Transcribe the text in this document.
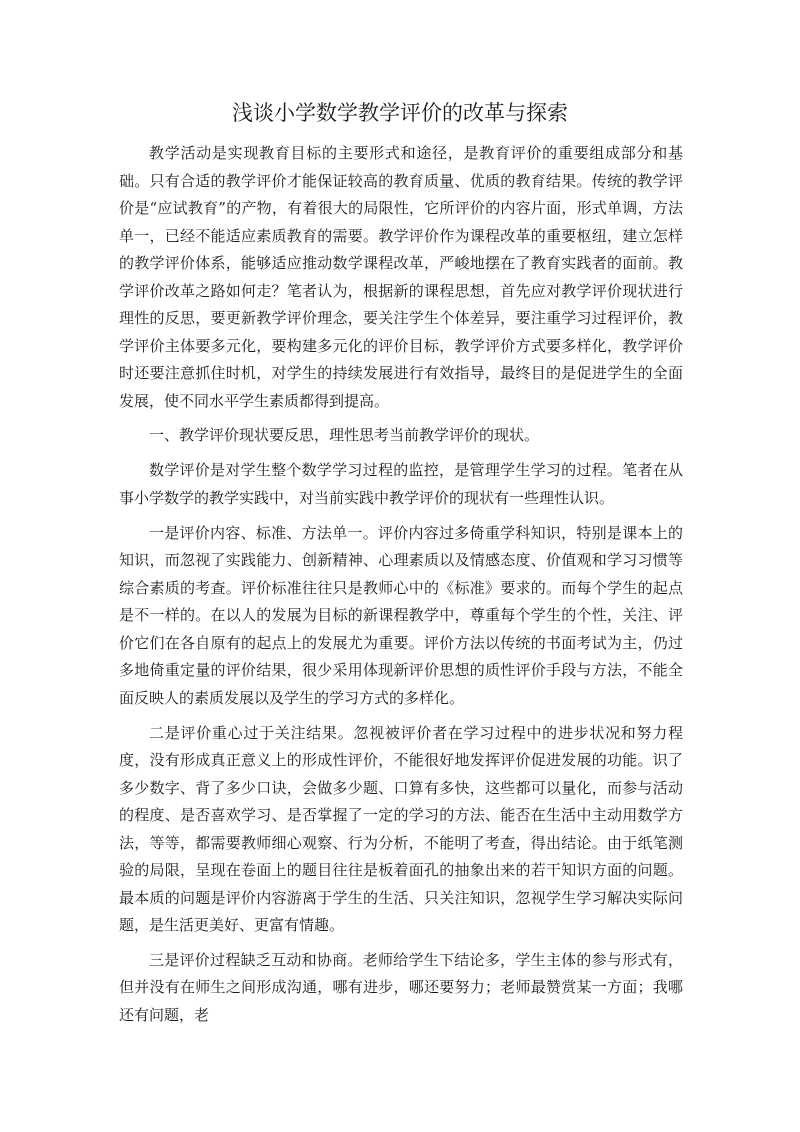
浅谈小学数学教学评价的改革与探索

教学活动是实现教育目标的主要形式和途径，是教育评价的重要组成部分和基础。只有合适的教学评价才能保证较高的教育质量、优质的教育结果。传统的教学评价是“应试教育”的产物，有着很大的局限性，它所评价的内容片面，形式单调，方法单一，已经不能适应素质教育的需要。教学评价作为课程改革的重要枢纽，建立怎样的教学评价体系，能够适应推动数学课程改革，严峻地摆在了教育实践者的面前。教学评价改革之路如何走？笔者认为，根据新的课程思想，首先应对教学评价现状进行理性的反思，要更新教学评价理念，要关注学生个体差异，要注重学习过程评价，教学评价主体要多元化，要构建多元化的评价目标，教学评价方式要多样化，教学评价时还要注意抓住时机，对学生的持续发展进行有效指导，最终目的是促进学生的全面发展，使不同水平学生素质都得到提高。

一、教学评价现状要反思，理性思考当前教学评价的现状。

数学评价是对学生整个数学学习过程的监控，是管理学生学习的过程。笔者在从事小学数学的教学实践中，对当前实践中教学评价的现状有一些理性认识。

一是评价内容、标准、方法单一。评价内容过多倚重学科知识，特别是课本上的知识，而忽视了实践能力、创新精神、心理素质以及情感态度、价值观和学习习惯等综合素质的考查。评价标准往往只是教师心中的《标准》要求的。而每个学生的起点是不一样的。在以人的发展为目标的新课程教学中，尊重每个学生的个性，关注、评价它们在各自原有的起点上的发展尤为重要。评价方法以传统的书面考试为主，仍过多地倚重定量的评价结果，很少采用体现新评价思想的质性评价手段与方法，不能全面反映人的素质发展以及学生的学习方式的多样化。

二是评价重心过于关注结果。忽视被评价者在学习过程中的进步状况和努力程度，没有形成真正意义上的形成性评价，不能很好地发挥评价促进发展的功能。识了多少数字、背了多少口诀，会做多少题、口算有多快，这些都可以量化，而参与活动的程度、是否喜欢学习、是否掌握了一定的学习的方法、能否在生活中主动用数学方法，等等，都需要教师细心观察、行为分析，不能明了考查，得出结论。由于纸笔测验的局限，呈现在卷面上的题目往往是板着面孔的抽象出来的若干知识方面的问题。最本质的问题是评价内容游离于学生的生活、只关注知识，忽视学生学习解决实际问题，是生活更美好、更富有情趣。

三是评价过程缺乏互动和协商。老师给学生下结论多，学生主体的参与形式有，但并没有在师生之间形成沟通，哪有进步，哪还要努力；老师最赞赏某一方面；我哪还有问题，老
